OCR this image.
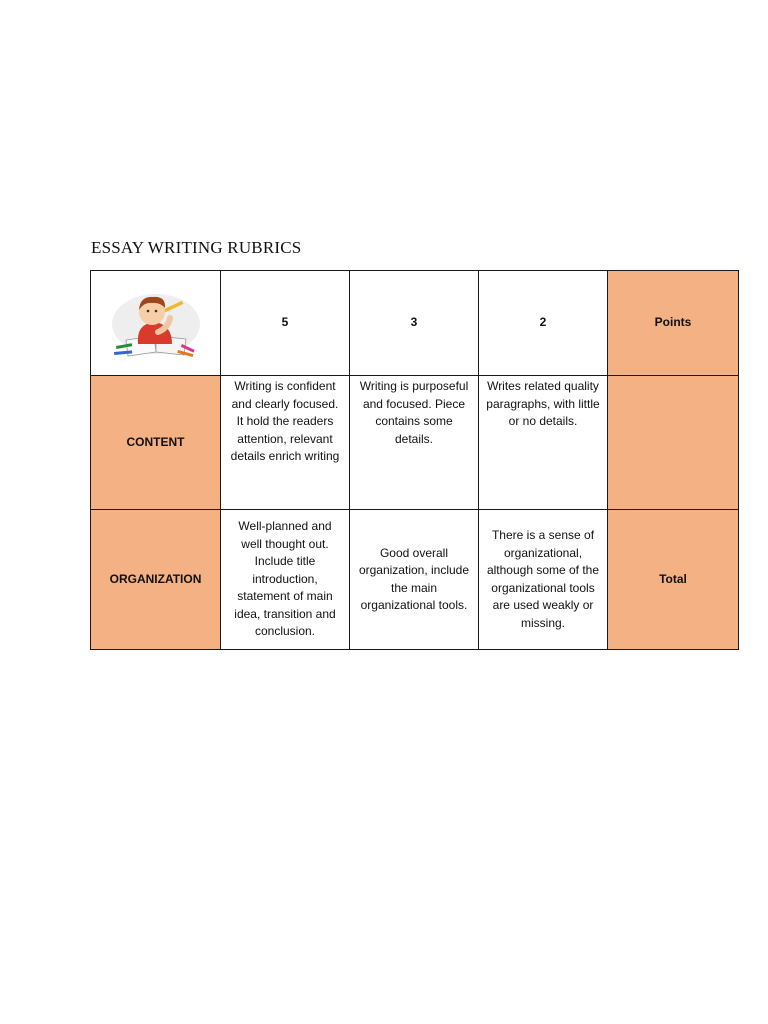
ESSAY WRITING RUBRICS
	5	3	2	Points
CONTENT	Writing is confident and clearly focused. It hold the readers attention, relevant details enrich writing	Writing is purposeful and focused. Piece contains some details.	Writes related quality paragraphs, with little or no details.	
ORGANIZATION	Well-planned and well thought out. Include title introduction, statement of main idea, transition and conclusion.	Good overall organization, include the main organizational tools.	There is a sense of organizational, although some of the organizational tools are used weakly or missing.	Total
